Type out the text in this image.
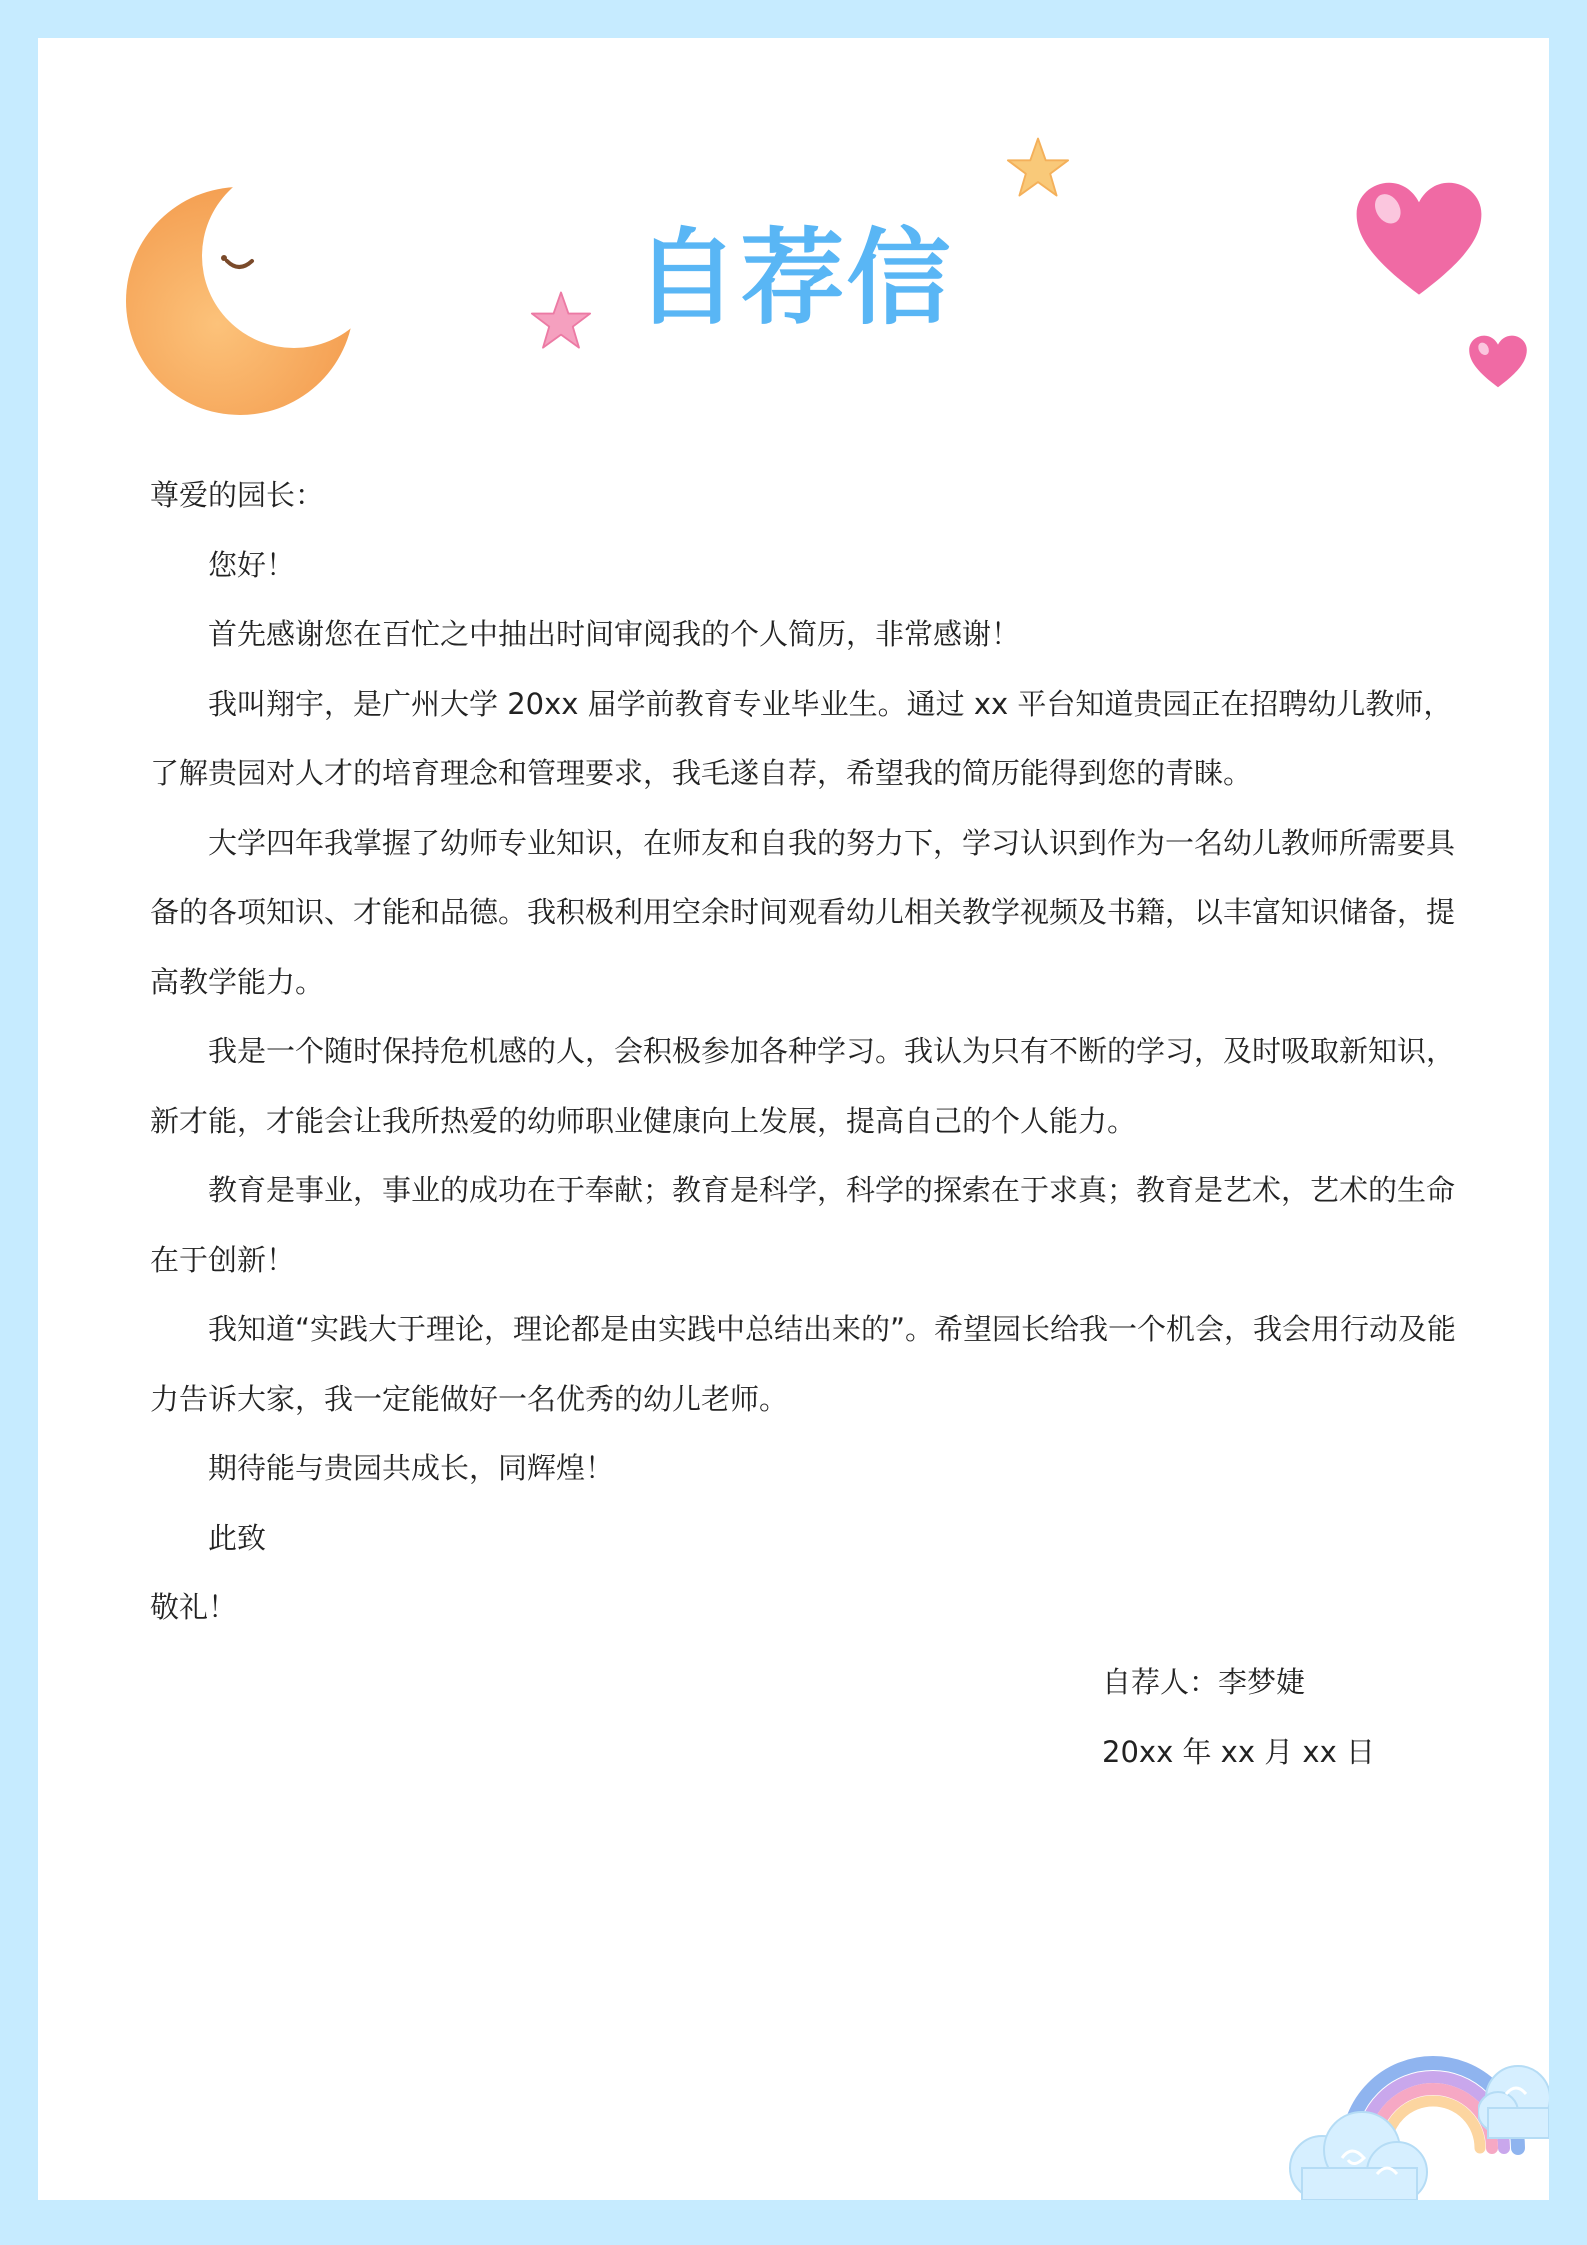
自荐信

尊爱的园长：

您好！

首先感谢您在百忙之中抽出时间审阅我的个人简历，非常感谢！

我叫翔宇，是广州大学 20xx 届学前教育专业毕业生。通过 xx 平台知道贵园正在招聘幼儿教师，了解贵园对人才的培育理念和管理要求，我毛遂自荐，希望我的简历能得到您的青睐。

大学四年我掌握了幼师专业知识，在师友和自我的努力下，学习认识到作为一名幼儿教师所需要具备的各项知识、才能和品德。我积极利用空余时间观看幼儿相关教学视频及书籍，以丰富知识储备，提高教学能力。

我是一个随时保持危机感的人，会积极参加各种学习。我认为只有不断的学习，及时吸取新知识，新才能，才能会让我所热爱的幼师职业健康向上发展，提高自己的个人能力。

教育是事业，事业的成功在于奉献；教育是科学，科学的探索在于求真；教育是艺术，艺术的生命在于创新！

我知道“实践大于理论，理论都是由实践中总结出来的”。希望园长给我一个机会，我会用行动及能力告诉大家，我一定能做好一名优秀的幼儿老师。

期待能与贵园共成长，同辉煌！

此致

敬礼！

自荐人：李梦婕

20xx 年 xx 月 xx 日
